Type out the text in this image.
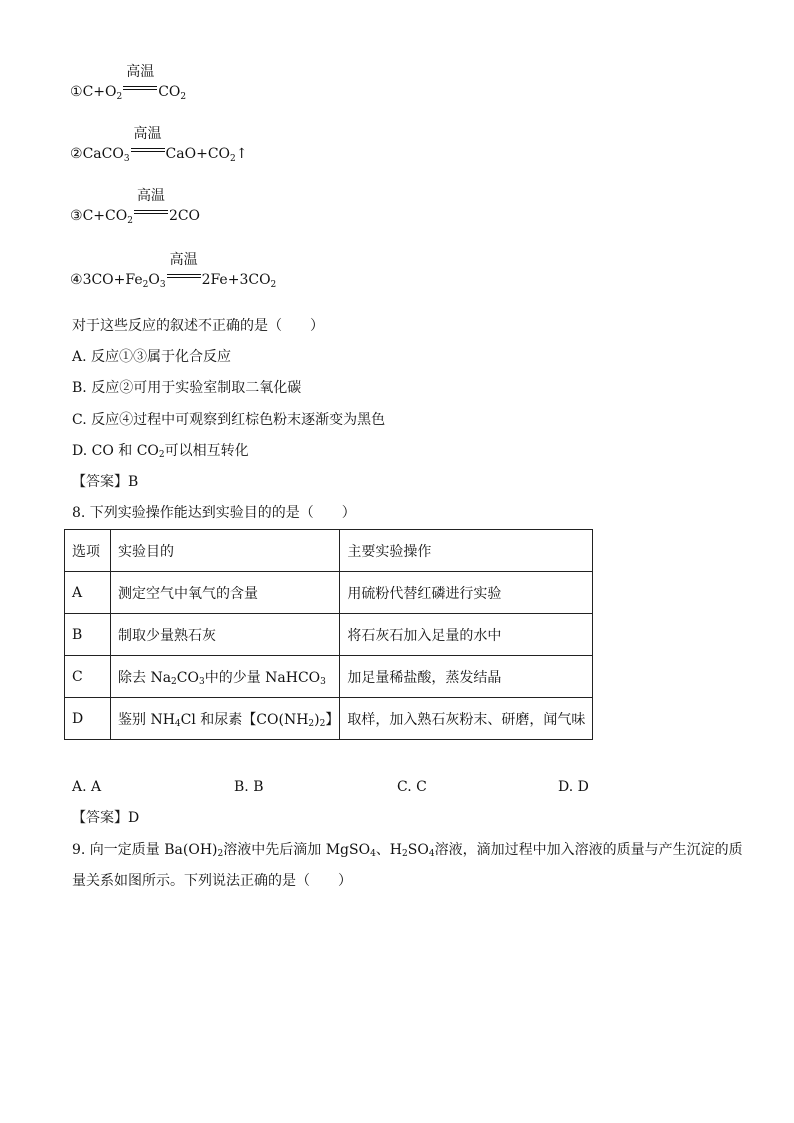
$①C+O_2$
高温
$CO_2$
②CaCO$_3$
高温
$CaO+CO_2↑$
$③C+CO_2$
高温
2CO
$④3CO+Fe_2O_3$
高温
$2Fe+3CO_2$
对于这些反应的叙述不正确的是（　　）
A. 反应①③属于化合反应
B. 反应②可用于实验室制取二氧化碳
C. 反应④过程中可观察到红棕色粉末逐渐变为黑色
D. CO 和 $CO_2$可以相互转化
【答案】B
8. 下列实验操作能达到实验目的的是（　　）
选项	实验目的	主要实验操作
A	测定空气中氧气的含量	用硫粉代替红磷进行实验
B	制取少量熟石灰	将石灰石加入足量的水中
C	除去 $Na_2CO_3$中的少量 NaHCO$_3$	加足量稀盐酸，蒸发结晶
D	鉴别 $NH_4Cl$ 和尿素【$CO(NH_2)_2$】	取样，加入熟石灰粉末、研磨，闻气味
A. A	B. B	C. C	D. D
【答案】D
9. 向一定质量 $Ba(OH)_2$溶液中先后滴加 MgSO$_4$、$H_2SO_4$溶液，滴加过程中加入溶液的质量与产生沉淀的质
量关系如图所示。下列说法正确的是（　　）
